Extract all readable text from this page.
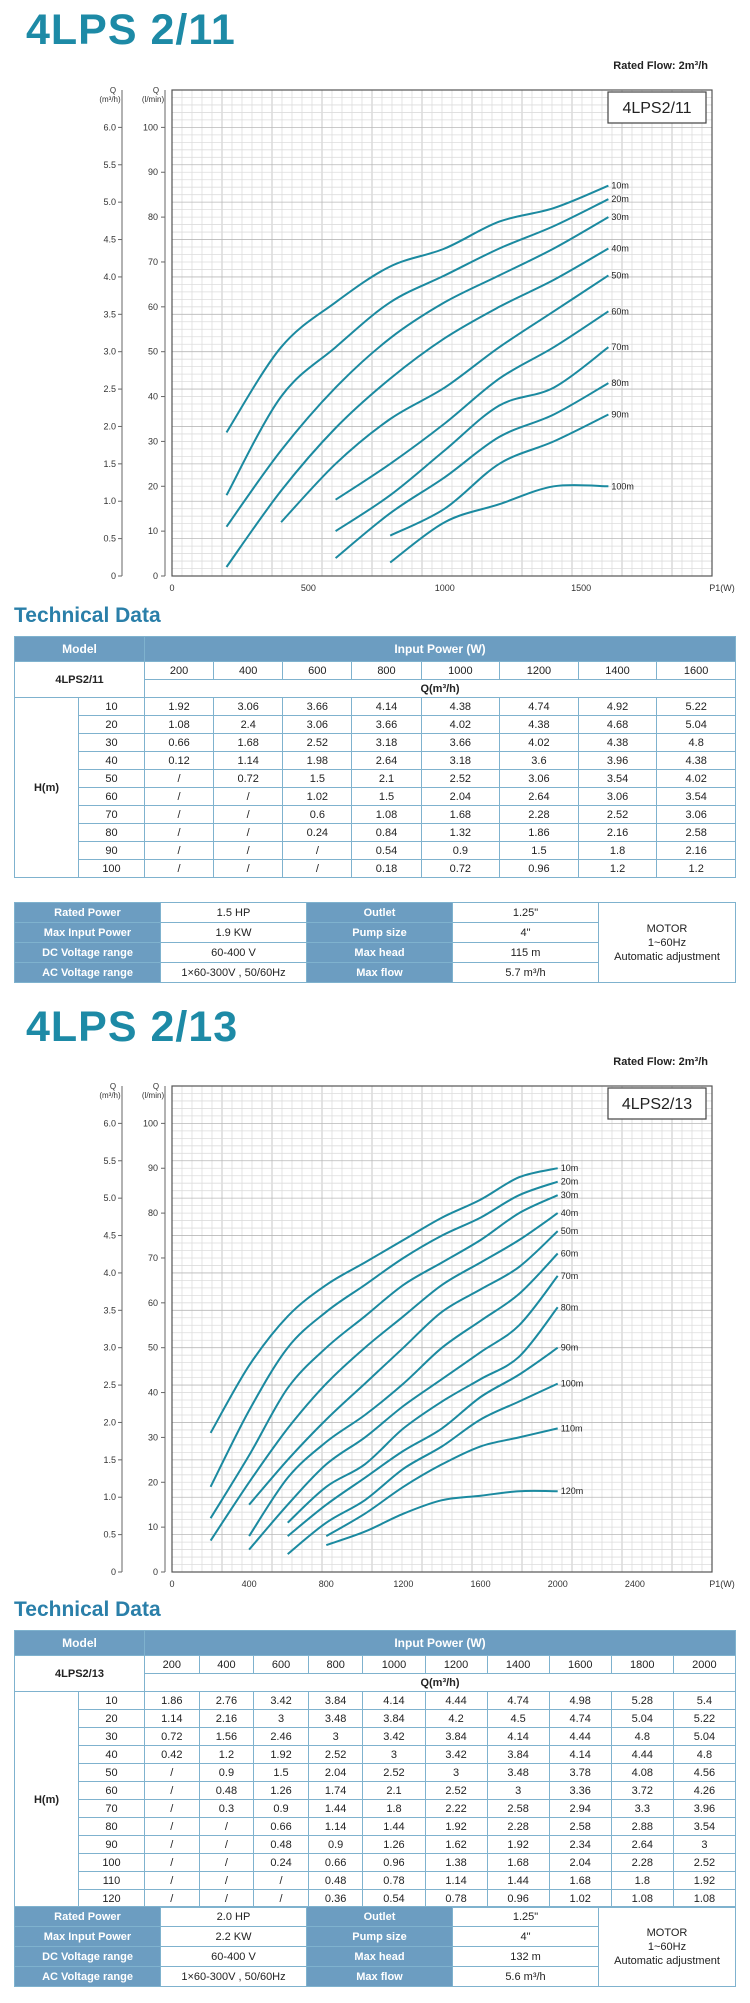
4LPS 2/11
Rated Flow: 2m³/h
0
0.5
1.0
1.5
2.0
2.5
3.0
3.5
4.0
4.5
5.0
5.5
6.0
Q
(m³/h)
0
10
20
30
40
50
60
70
80
90
100
Q
(l/min)
0	500	1000	1500	P1(W)
4LPS2/11
10m
20m
30m
40m
50m
60m
70m
80m
90m
100m
Technical Data
Model		Input Power (W)							
4LPS2/11		200	400	600	800	1000	1200	1400	1600
		Q(m³/h)							
H(m)	10	1.92	3.06	3.66	4.14	4.38	4.74	4.92	5.22
	20	1.08	2.4	3.06	3.66	4.02	4.38	4.68	5.04
	30	0.66	1.68	2.52	3.18	3.66	4.02	4.38	4.8
	40	0.12	1.14	1.98	2.64	3.18	3.6	3.96	4.38
	50	/	0.72	1.5	2.1	2.52	3.06	3.54	4.02
	60	/	/	1.02	1.5	2.04	2.64	3.06	3.54
	70	/	/	0.6	1.08	1.68	2.28	2.52	3.06
	80	/	/	0.24	0.84	1.32	1.86	2.16	2.58
	90	/	/	/	0.54	0.9	1.5	1.8	2.16
	100	/	/	/	0.18	0.72	0.96	1.2	1.2
Rated Power	1.5 HP	Outlet	1.25"	MOTOR
1~60Hz
Automatic adjustment
Max Input Power	1.9 KW	Pump size	4"	
DC Voltage range	60-400 V	Max head	115 m	
AC Voltage range	1×60-300V , 50/60Hz	Max flow	5.7 m³/h	
4LPS 2/13
Rated Flow: 2m³/h
0
0.5
1.0
1.5
2.0
2.5
3.0
3.5
4.0
4.5
5.0
5.5
6.0
Q
(m³/h)
0
10
20
30
40
50
60
70
80
90
100
Q
(l/min)
0	400	800	1200	1600	2000	2400	P1(W)
4LPS2/13
10m
20m
30m
40m
50m
60m
70m
80m
90m
100m
110m
120m
Technical Data
Model		Input Power (W)									
4LPS2/13		200	400	600	800	1000	1200	1400	1600	1800	2000
		Q(m³/h)									
H(m)	10	1.86	2.76	3.42	3.84	4.14	4.44	4.74	4.98	5.28	5.4
	20	1.14	2.16	3	3.48	3.84	4.2	4.5	4.74	5.04	5.22
	30	0.72	1.56	2.46	3	3.42	3.84	4.14	4.44	4.8	5.04
	40	0.42	1.2	1.92	2.52	3	3.42	3.84	4.14	4.44	4.8
	50	/	0.9	1.5	2.04	2.52	3	3.48	3.78	4.08	4.56
	60	/	0.48	1.26	1.74	2.1	2.52	3	3.36	3.72	4.26
	70	/	0.3	0.9	1.44	1.8	2.22	2.58	2.94	3.3	3.96
	80	/	/	0.66	1.14	1.44	1.92	2.28	2.58	2.88	3.54
	90	/	/	0.48	0.9	1.26	1.62	1.92	2.34	2.64	3
	100	/	/	0.24	0.66	0.96	1.38	1.68	2.04	2.28	2.52
	110	/	/	/	0.48	0.78	1.14	1.44	1.68	1.8	1.92
	120	/	/	/	0.36	0.54	0.78	0.96	1.02	1.08	1.08
Rated Power	2.0 HP	Outlet	1.25"	MOTOR
1~60Hz
Automatic adjustment
Max Input Power	2.2 KW	Pump size	4"	
DC Voltage range	60-400 V	Max head	132 m	
AC Voltage range	1×60-300V , 50/60Hz	Max flow	5.6 m³/h	
